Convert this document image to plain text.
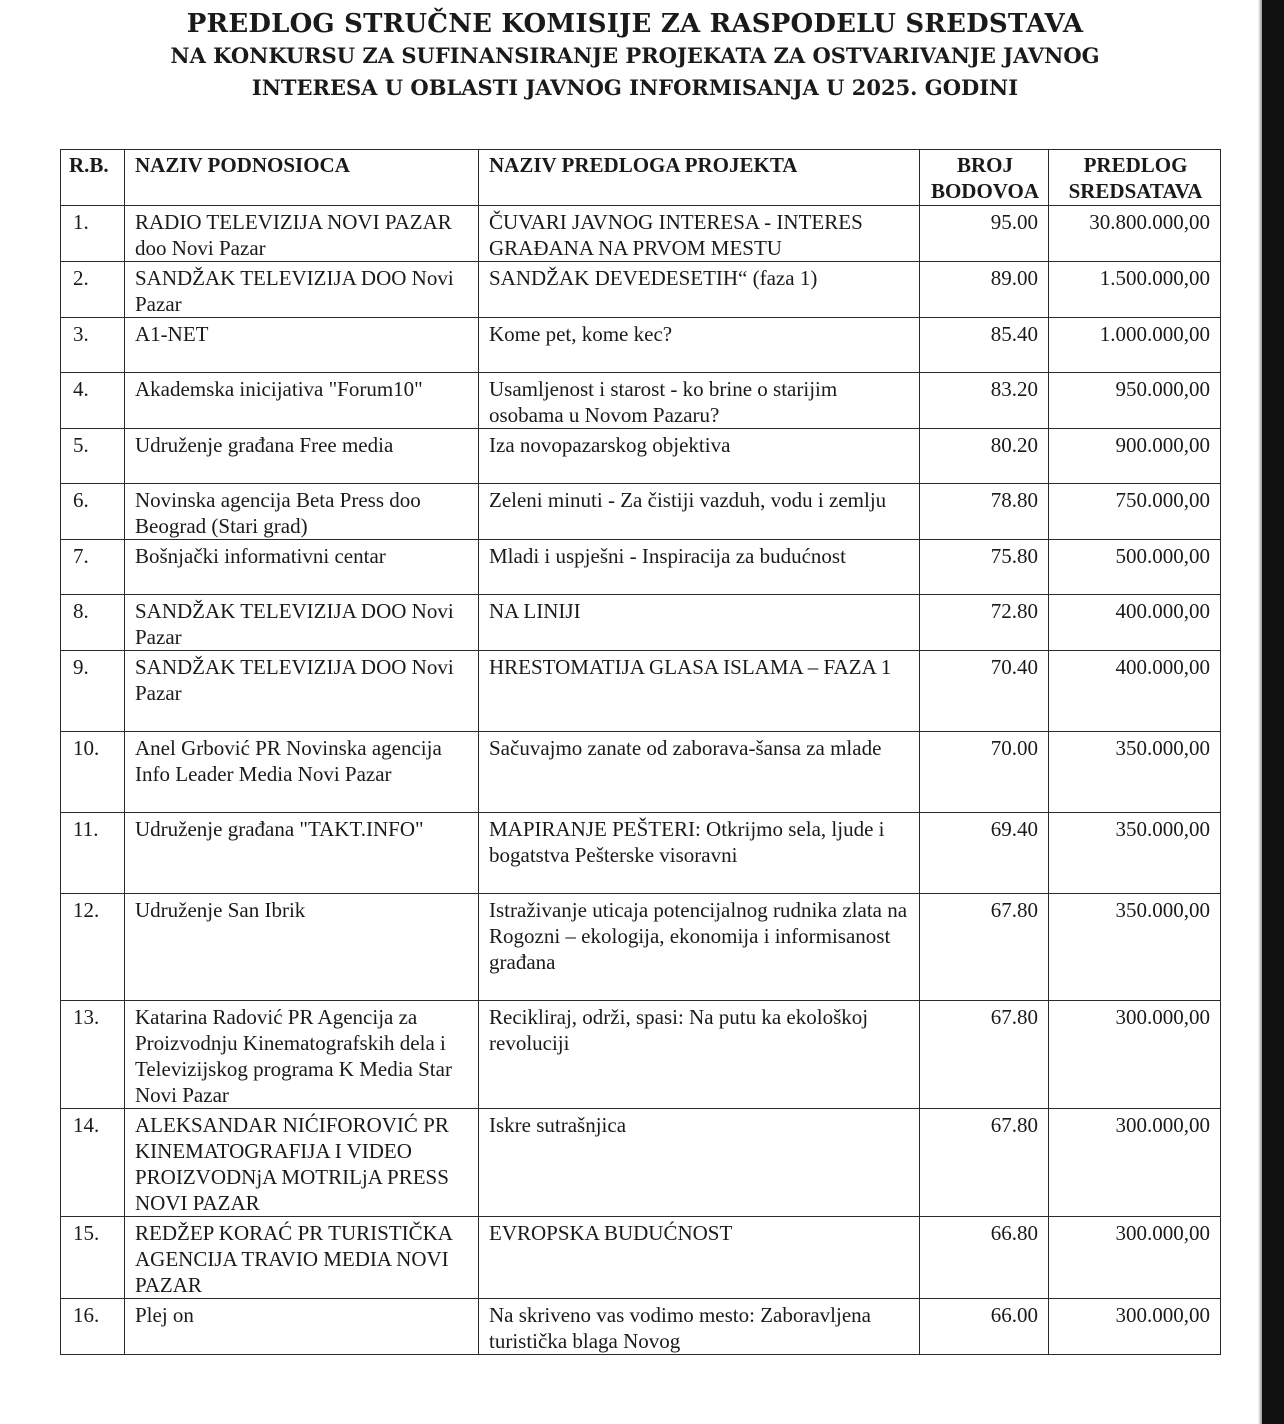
PREDLOG STRUČNE KOMISIJE ZA RASPODELU SREDSTAVA
NA KONKURSU ZA SUFINANSIRANJE PROJEKATA ZA OSTVARIVANJE JAVNOG
INTERESA U OBLASTI JAVNOG INFORMISANJA U 2025. GODINI
R.B.	NAZIV PODNOSIOCA	NAZIV PREDLOGA PROJEKTA	BROJ BODOVOA	PREDLOG SREDSATAVA
1.	RADIO TELEVIZIJA NOVI PAZAR doo Novi Pazar	ČUVARI JAVNOG INTERESA - INTERES GRAĐANA NA PRVOM MESTU	95.00	30.800.000,00
2.	SANDŽAK TELEVIZIJA DOO Novi Pazar	SANDŽAK DEVEDESETIH“ (faza 1)	89.00	1.500.000,00
3.	A1-NET	Kome pet, kome kec?	85.40	1.000.000,00
4.	Akademska inicijativa "Forum10"	Usamljenost i starost - ko brine o starijim osobama u Novom Pazaru?	83.20	950.000,00
5.	Udruženje građana Free media	Iza novopazarskog objektiva	80.20	900.000,00
6.	Novinska agencija Beta Press doo Beograd (Stari grad)	Zeleni minuti - Za čistiji vazduh, vodu i zemlju	78.80	750.000,00
7.	Bošnjački informativni centar	Mladi i uspješni - Inspiracija za budućnost	75.80	500.000,00
8.	SANDŽAK TELEVIZIJA DOO Novi Pazar	NA LINIJI	72.80	400.000,00
9.	SANDŽAK TELEVIZIJA DOO Novi Pazar	HRESTOMATIJA GLASA ISLAMA – FAZA 1	70.40	400.000,00
10.	Anel Grbović PR Novinska agencija Info Leader Media Novi Pazar	Sačuvajmo zanate od zaborava-šansa za mlade	70.00	350.000,00
11.	Udruženje građana "TAKT.INFO"	MAPIRANJE PEŠTERI: Otkrijmo sela, ljude i bogatstva Pešterske visoravni	69.40	350.000,00
12.	Udruženje San Ibrik	Istraživanje uticaja potencijalnog rudnika zlata na Rogozni – ekologija, ekonomija i informisanost građana	67.80	350.000,00
13.	Katarina Radović PR Agencija za Proizvodnju Kinematografskih dela i Televizijskog programa K Media Star Novi Pazar	Recikliraj, održi, spasi: Na putu ka ekološkoj revoluciji	67.80	300.000,00
14.	ALEKSANDAR NIĆIFOROVIĆ PR KINEMATOGRAFIJA I VIDEO PROIZVODNjA MOTRILjA PRESS NOVI PAZAR	Iskre sutrašnjica	67.80	300.000,00
15.	REDŽEP KORAĆ PR TURISTIČKA AGENCIJA TRAVIO MEDIA NOVI PAZAR	EVROPSKA BUDUĆNOST	66.80	300.000,00
16.	Plej on	Na skriveno vas vodimo mesto: Zaboravljena turistička blaga Novog	66.00	300.000,00
